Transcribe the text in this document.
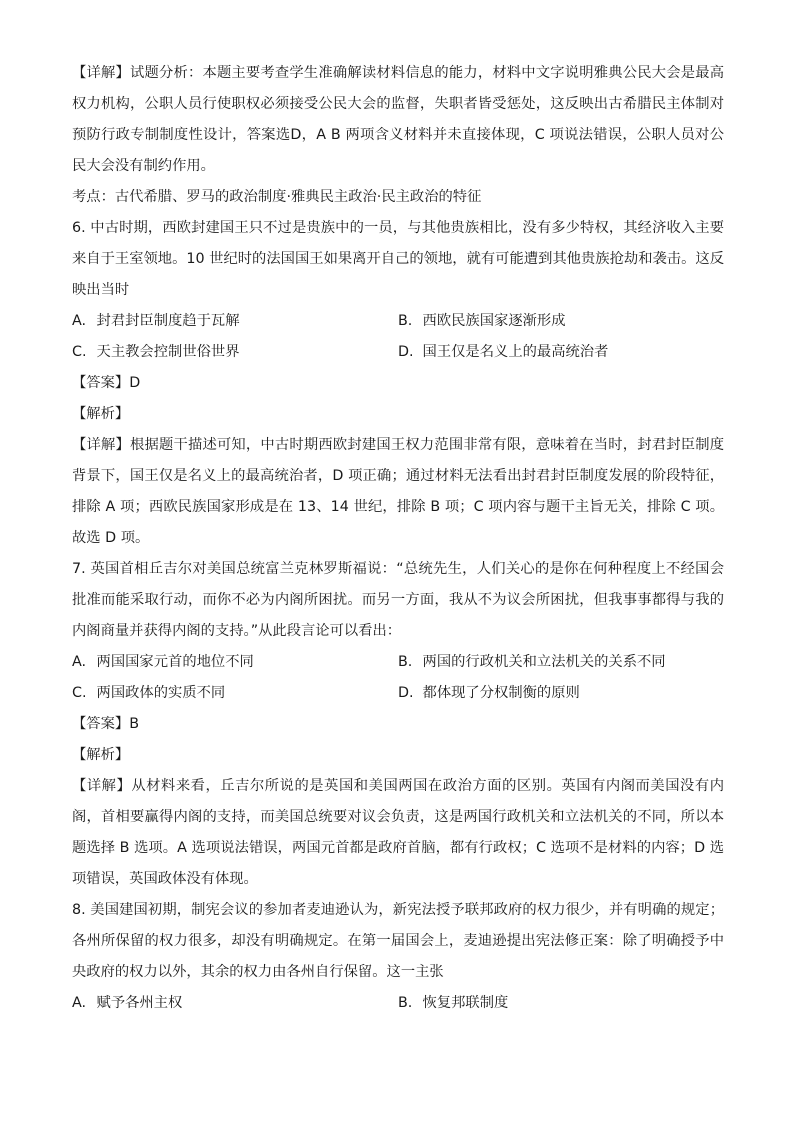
【详解】试题分析：本题主要考查学生准确解读材料信息的能力，材料中文字说明雅典公民大会是最高权力机构，公职人员行使职权必须接受公民大会的监督，失职者皆受惩处，这反映出古希腊民主体制对预防行政专制制度性设计，答案选D，A B 两项含义材料并未直接体现，C 项说法错误，公职人员对公民大会没有制约作用。

考点：古代希腊、罗马的政治制度·雅典民主政治·民主政治的特征

6. 中古时期，西欧封建国王只不过是贵族中的一员，与其他贵族相比，没有多少特权，其经济收入主要来自于王室领地。10 世纪时的法国国王如果离开自己的领地，就有可能遭到其他贵族抢劫和袭击。这反映出当时

A. 封君封臣制度趋于瓦解	B. 西欧民族国家逐渐形成
C. 天主教会控制世俗世界	D. 国王仅是名义上的最高统治者

【答案】D

【解析】

【详解】根据题干描述可知，中古时期西欧封建国王权力范围非常有限，意味着在当时，封君封臣制度背景下，国王仅是名义上的最高统治者，D 项正确；通过材料无法看出封君封臣制度发展的阶段特征，排除 A 项；西欧民族国家形成是在 13、14 世纪，排除 B 项；C 项内容与题干主旨无关，排除 C 项。故选 D 项。

7. 英国首相丘吉尔对美国总统富兰克林罗斯福说：“总统先生，人们关心的是你在何种程度上不经国会批准而能采取行动，而你不必为内阁所困扰。而另一方面，我从不为议会所困扰，但我事事都得与我的内阁商量并获得内阁的支持。”从此段言论可以看出：

A. 两国国家元首的地位不同	B. 两国的行政机关和立法机关的关系不同
C. 两国政体的实质不同	D. 都体现了分权制衡的原则

【答案】B

【解析】

【详解】从材料来看，丘吉尔所说的是英国和美国两国在政治方面的区别。英国有内阁而美国没有内阁，首相要赢得内阁的支持，而美国总统要对议会负责，这是两国行政机关和立法机关的不同，所以本题选择 B 选项。A 选项说法错误，两国元首都是政府首脑，都有行政权；C 选项不是材料的内容；D 选项错误，英国政体没有体现。

8. 美国建国初期，制宪会议的参加者麦迪逊认为，新宪法授予联邦政府的权力很少，并有明确的规定；各州所保留的权力很多，却没有明确规定。在第一届国会上，麦迪逊提出宪法修正案：除了明确授予中央政府的权力以外，其余的权力由各州自行保留。这一主张

A. 赋予各州主权	B. 恢复邦联制度
